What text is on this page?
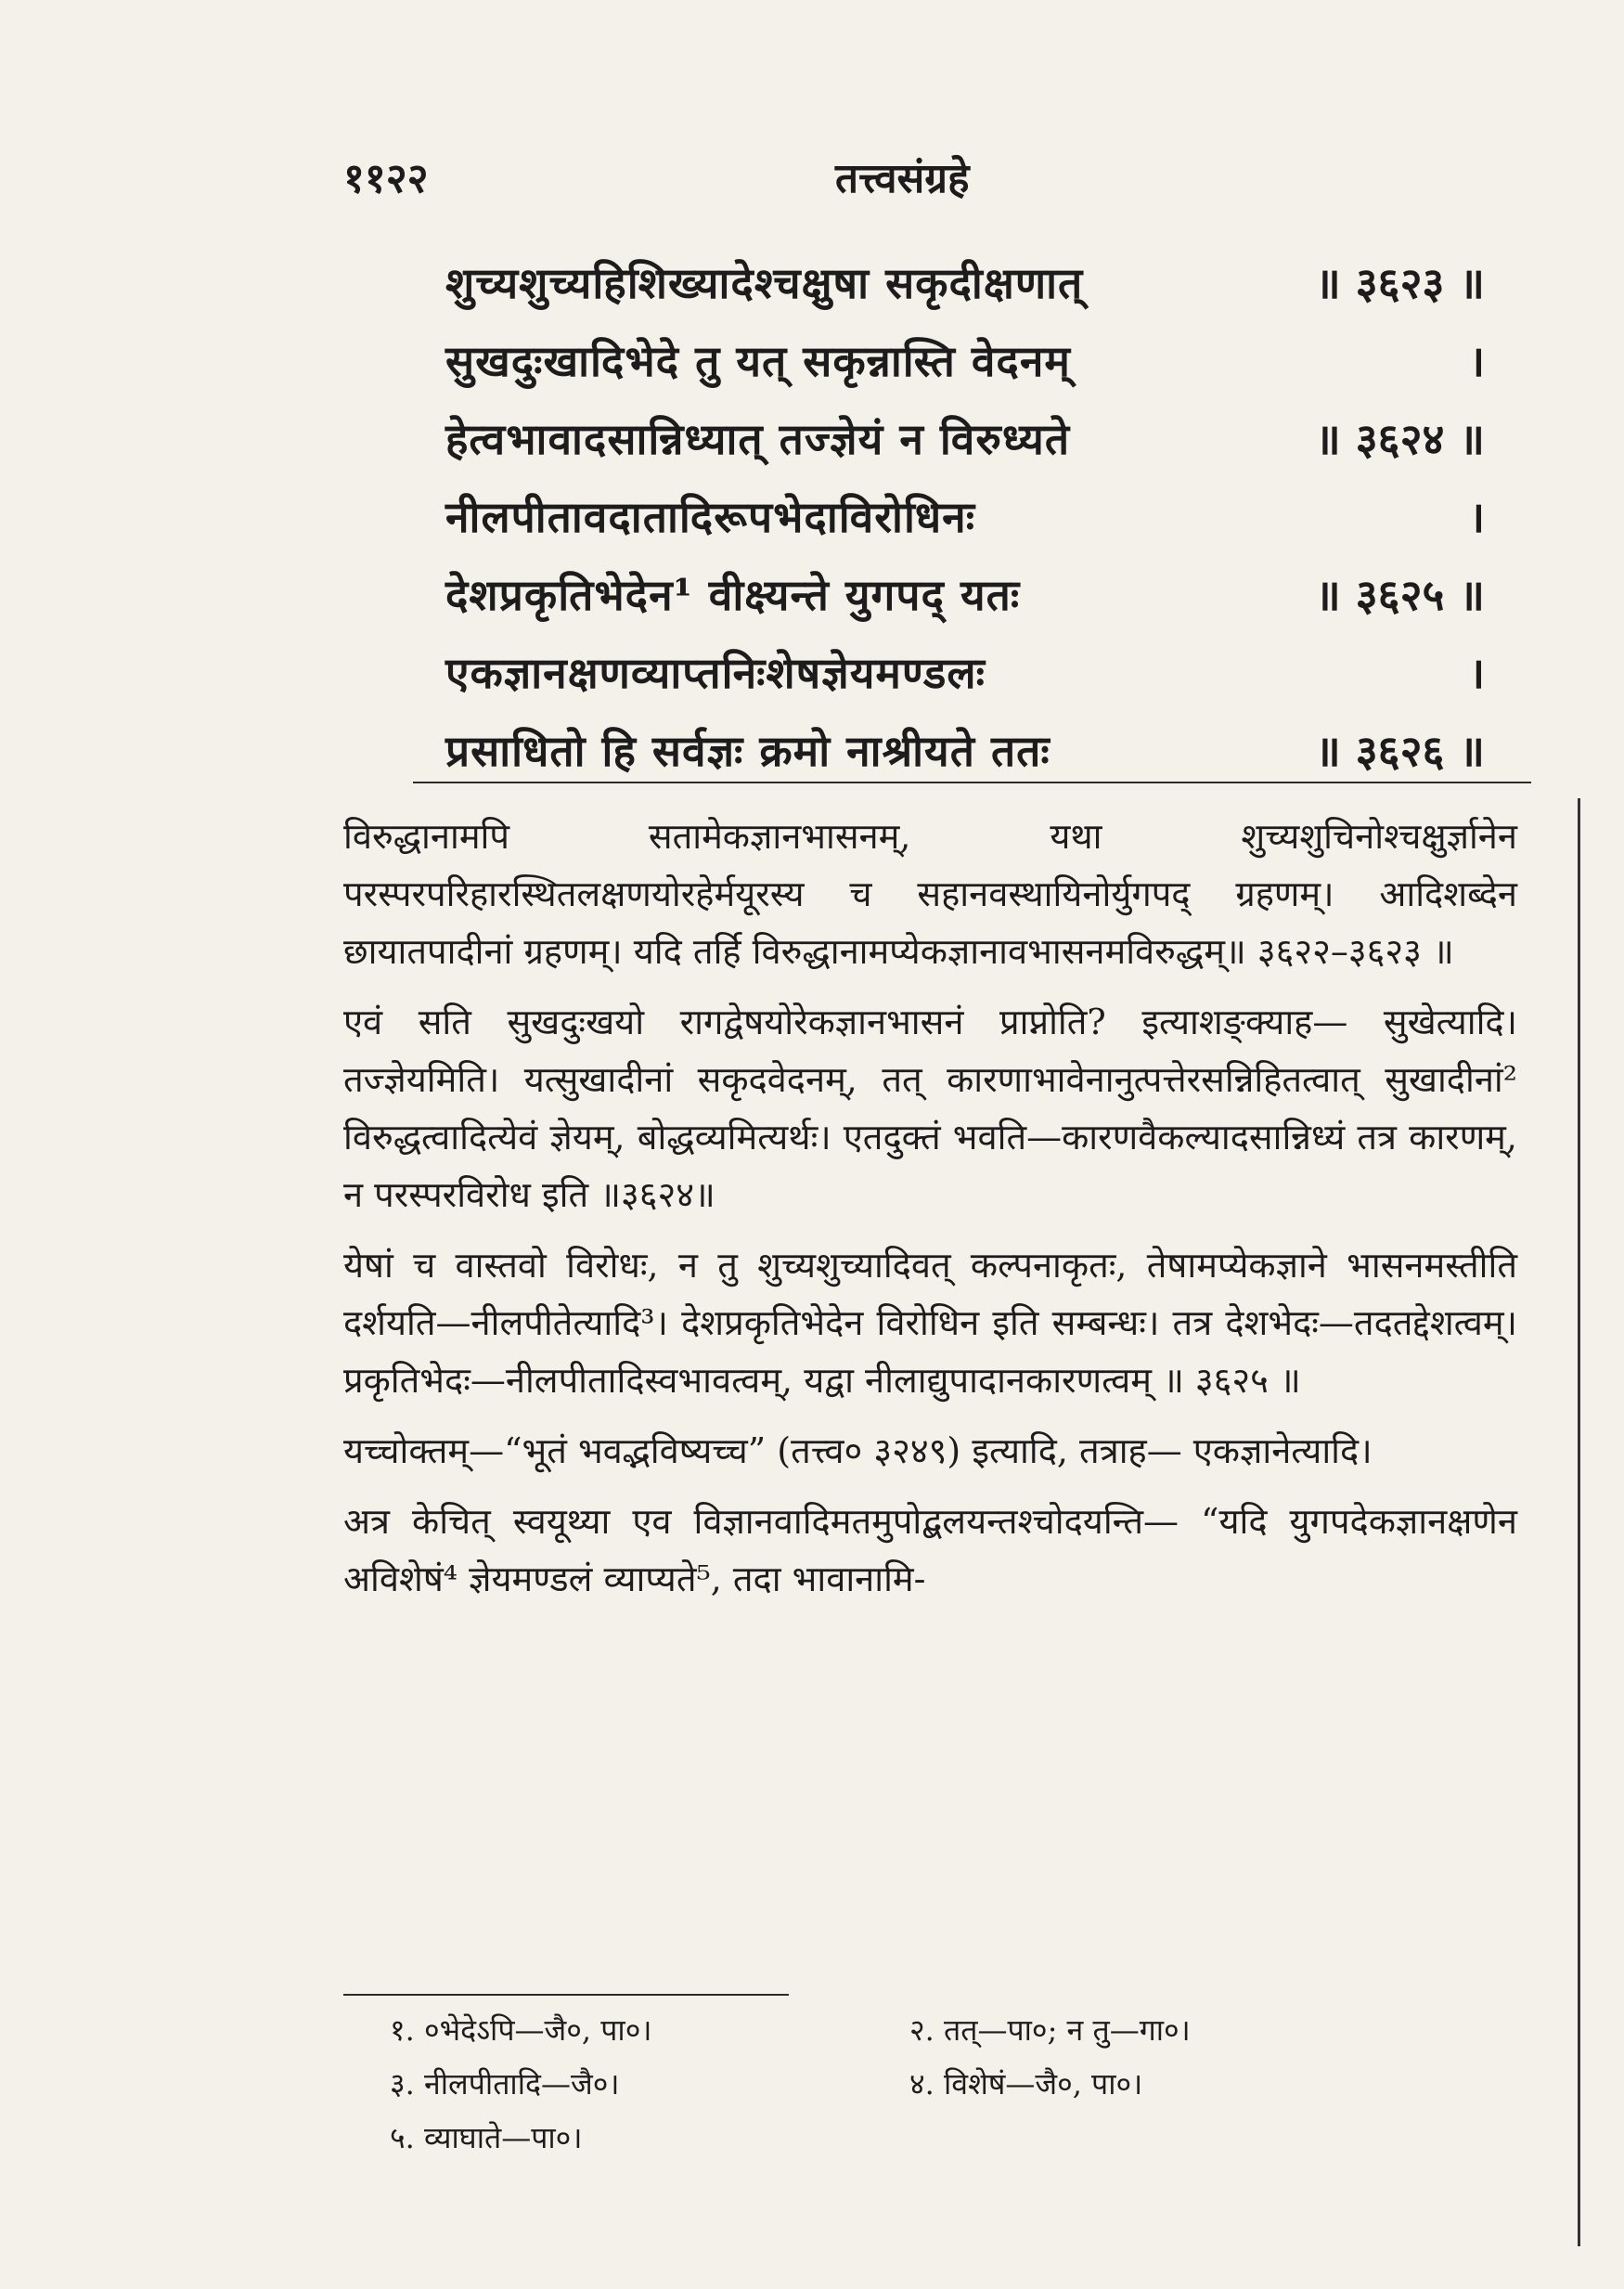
११२२	तत्त्वसंग्रहे
शुच्यशुच्यहिशिख्यादेश्चक्षुषा सकृदीक्षणात्	॥ ३६२३ ॥
सुखदुःखादिभेदे तु यत् सकृन्नास्ति वेदनम्	।
हेत्वभावादसान्निध्यात् तज्ज्ञेयं न विरुध्यते	॥ ३६२४ ॥
नीलपीतावदातादिरूपभेदाविरोधिनः	।
देशप्रकृतिभेदेन¹ वीक्ष्यन्ते युगपद् यतः	॥ ३६२५ ॥
एकज्ञानक्षणव्याप्तनिःशेषज्ञेयमण्डलः	।
प्रसाधितो हि सर्वज्ञः क्रमो नाश्रीयते ततः	॥ ३६२६ ॥

विरुद्धानामपि सतामेकज्ञानभासनम्, यथा शुच्यशुचिनोश्चक्षुर्ज्ञानेन परस्परपरिहारस्थितलक्षणयोरहेर्मयूरस्य च सहानवस्थायिनोर्युगपद् ग्रहणम्। आदिशब्देन छायातपादीनां ग्रहणम्। यदि तर्हि विरुद्धानामप्येकज्ञानावभासनमविरुद्धम्॥ ३६२२–३६२३ ॥

एवं सति सुखदुःखयो रागद्वेषयोरेकज्ञानभासनं प्राप्नोति? इत्याशङ्क्याह— सुखेत्यादि। तज्ज्ञेयमिति। यत्सुखादीनां सकृदवेदनम्, तत् कारणाभावेनानुत्पत्तेरसन्निहितत्वात् सुखादीनां² विरुद्धत्वादित्येवं ज्ञेयम्, बोद्धव्यमित्यर्थः। एतदुक्तं भवति—कारणवैकल्यादसान्निध्यं तत्र कारणम्, न परस्परविरोध इति ॥३६२४॥

येषां च वास्तवो विरोधः, न तु शुच्यशुच्यादिवत् कल्पनाकृतः, तेषामप्येकज्ञाने भासनमस्तीति दर्शयति—नीलपीतेत्यादि³। देशप्रकृतिभेदेन विरोधिन इति सम्बन्धः। तत्र देशभेदः—तदतद्देशत्वम्। प्रकृतिभेदः—नीलपीतादिस्वभावत्वम्, यद्वा नीलाद्युपादानकारणत्वम् ॥ ३६२५ ॥

यच्चोक्तम्—“भूतं भवद्भविष्यच्च” (तत्त्व० ३२४९) इत्यादि, तत्राह— एकज्ञानेत्यादि।

अत्र केचित् स्वयूथ्या एव विज्ञानवादिमतमुपोद्बलयन्तश्चोदयन्ति— “यदि युगपदेकज्ञानक्षणेन अविशेषं⁴ ज्ञेयमण्डलं व्याप्यते⁵, तदा भावानामि-

१. ०भेदेऽपि—जै०, पा०।	२. तत्—पा०; न तु—गा०।
३. नीलपीतादि—जै०।	४. विशेषं—जै०, पा०।
५. व्याघाते—पा०।
